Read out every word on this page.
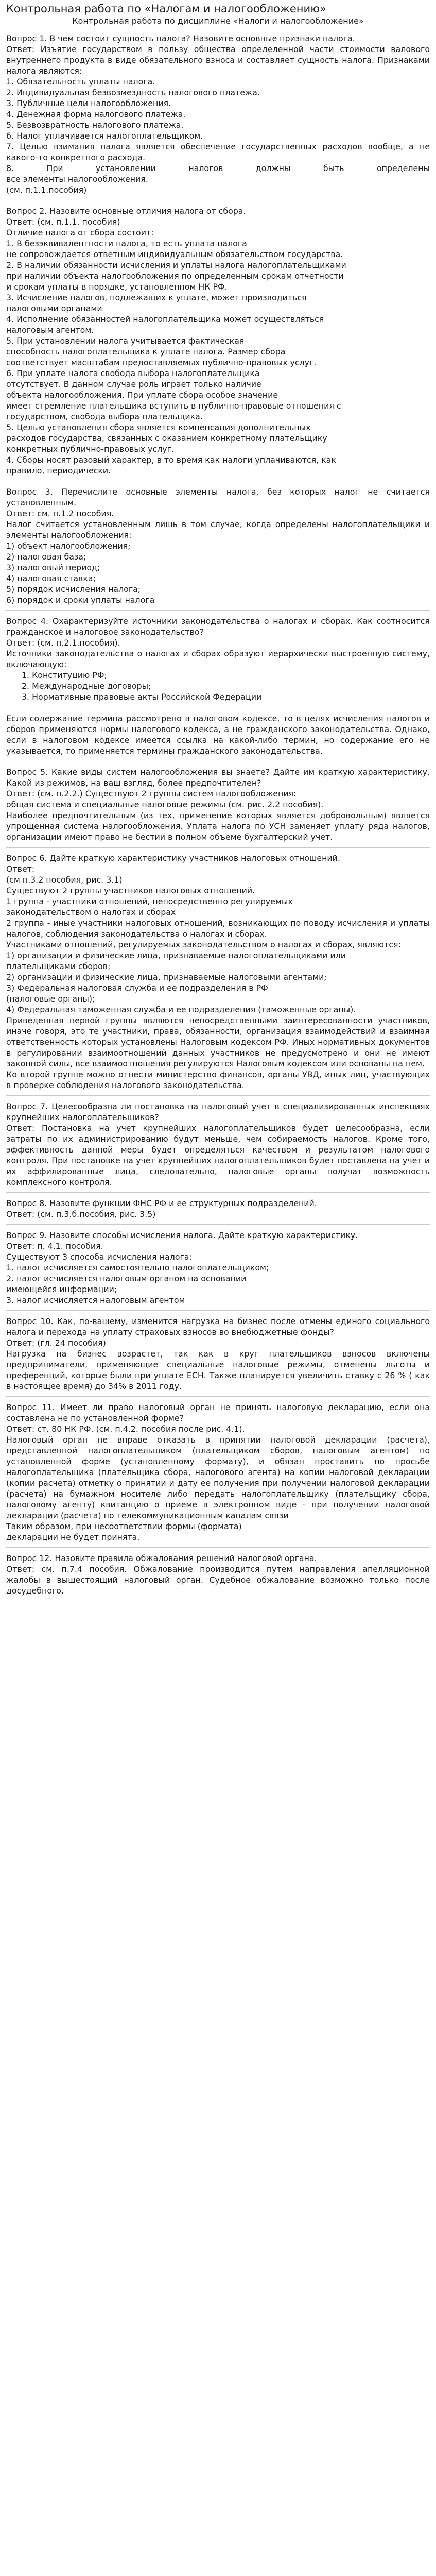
Контрольная работа по «Налогам и налогообложению»

Контрольная работа по дисциплине «Налоги и налогообложение»

Вопрос 1. В чем состоит сущность налога? Назовите основные признаки налога.

Ответ: Изъятие государством в пользу общества определенной части стоимости валового внутреннего продукта в виде обязательного взноса и составляет сущность налога. Признаками налога являются:

1. Обязательность уплаты налога.

2. Индивидуальная безвозмездность налогового платежа.

3. Публичные цели налогообложения.

4. Денежная форма налогового платежа.

5. Безвозвратность налогового платежа.

6. Налог уплачивается налогоплательщиком.

7. Целью взимания налога является обеспечение государственных расходов вообще, а не какого-то конкретного расхода.

8. При установлении налогов должны быть определены

все элементы налогообложения.

(см. п.1.1.пособия)

Вопрос 2. Назовите основные отличия налога от сбора.

Ответ: (см. п.1.1. пособия)

Отличие налога от сбора состоит:

1. В безэквивалентности налога, то есть уплата налога

не сопровождается ответным индивидуальным обязательством государства.

2. В наличии обязанности исчисления и уплаты налога налогоплательщиками

при наличии объекта налогообложения по определенным срокам отчетности

и срокам уплаты в порядке, установленном НК РФ.

3. Исчисление налогов, подлежащих к уплате, может производиться

налоговыми органами

4. Исполнение обязанностей налогоплательщика может осуществляться

налоговым агентом.

5. При установлении налога учитывается фактическая

способность налогоплательщика к уплате налога. Размер сбора

соответствует масштабам предоставляемых публично-правовых услуг.

6. При уплате налога свобода выбора налогоплательщика

отсутствует. В данном случае роль играет только наличие

объекта налогообложения. При уплате сбора особое значение

имеет стремление плательщика вступить в публично-правовые отношения с

государством, свобода выбора плательщика.

5. Целью установления сбора является компенсация дополнительных

расходов государства, связанных с оказанием конкретному плательщику

конкретных публично-правовых услуг.

4. Сборы носят разовый характер, в то время как налоги уплачиваются, как

правило, периодически.

Вопрос 3. Перечислите основные элементы налога, без которых налог не считается установленным.

Ответ: см. п.1.2 пособия.

Налог считается установленным лишь в том случае, когда определены налогоплательщики и элементы налогообложения:

1) объект налогообложения;

2) налоговая база;

3) налоговый период;

4) налоговая ставка;

5) порядок исчисления налога;

6) порядок и сроки уплаты налога

Вопрос 4. Охарактеризуйте источники законодательства о налогах и сборах. Как соотносится гражданское и налоговое законодательство?

Ответ: (см. п.2.1.пособия).

Источники законодательства о налогах и сборах образуют иерархически выстроенную систему, включающую:

1. Конституцию РФ;

2. Международные договоры;

3. Нормативные правовые акты Российской Федерации

Если содержание термина рассмотрено в налоговом кодексе, то в целях исчисления налогов и сборов применяются нормы налогового кодекса, а не гражданского законодательства. Однако, если в налоговом кодексе имеется ссылка на какой-либо термин, но содержание его не указывается, то применяется термины гражданского законодательства.

Вопрос 5. Какие виды систем налогообложения вы знаете? Дайте им краткую характеристику. Какой из режимов, на ваш взгляд, более предпочтителен?

Ответ: (см. п.2.2.) Существуют 2 группы систем налогообложения:

общая система и специальные налоговые режимы (см. рис. 2.2 пособия).

Наиболее предпочтительным (из тех, применение которых является добровольным) является упрощенная система налогообложения. Уплата налога по УСН заменяет уплату ряда налогов, организации имеют право не бестии в полном объеме бухгалтерский учет.

Вопрос 6. Дайте краткую характеристику участников налоговых отношений.

Ответ:

(см п.3.2 пособия, рис. 3.1)

Существуют 2 группы участников налоговых отношений.

1 группа - участники отношений, непосредственно регулируемых

законодательством о налогах и сборах

2 группа - иные участники налоговых отношений, возникающих по поводу исчисления и уплаты налогов, соблюдения законодательства о налогах и сборах.

Участниками отношений, регулируемых законодательством о налогах и сборах, являются:

1) организации и физические лица, признаваемые налогоплательщиками или

плательщиками сборов;

2) организации и физические лица, признаваемые налоговыми агентами;

3) Федеральная налоговая служба и ее подразделения в РФ

(налоговые органы);

4) Федеральная таможенная служба и ее подразделения (таможенные органы).

Приведенная первой группы являются непосредственными заинтересованности участников, иначе говоря, это те участники, права, обязанности, организация взаимодействий и взаимная ответственность которых установлены Налоговым кодексом РФ. Иных нормативных документов в регулировании взаимоотношений данных участников не предусмотрено и они не имеют законной силы, все взаимоотношения регулируются Налоговым кодексом или основаны на нем.

Ко второй группе можно отнести министерство финансов, органы УВД, иных лиц, участвующих в проверке соблюдения налогового законодательства.

Вопрос 7. Целесообразна ли постановка на налоговый учет в специализированных инспекциях крупнейших налогоплательщиков?

Ответ: Постановка на учет крупнейших налогоплательщиков будет целесообразна, если затраты по их администрированию будут меньше, чем собираемость налогов. Кроме того, эффективность данной меры будет определяться качеством и результатом налогового контроля. При постановке на учет крупнейших налогоплательщиков будет поставлена на учет и их аффилированные лица, следовательно, налоговые органы получат возможность комплексного контроля.

Вопрос 8. Назовите функции ФНС РФ и ее структурных подразделений.

Ответ: (см. п.3.б.пособия, рис. 3.5)

Вопрос 9. Назовите способы исчисления налога. Дайте краткую характеристику.

Ответ: п. 4.1. пособия.

Существуют 3 способа исчисления налога:

1. налог исчисляется самостоятельно налогоплательщиком;

2. налог исчисляется налоговым органом на основании

имеющейся информации;

3. налог исчисляется налоговым агентом

Вопрос 10. Как, по-вашему, изменится нагрузка на бизнес после отмены единого социального налога и перехода на уплату страховых взносов во внебюджетные фонды?

Ответ: (гл. 24 пособия)

Нагрузка на бизнес возрастет, так как в круг плательщиков взносов включены предприниматели, применяющие специальные налоговые режимы, отменены льготы и преференций, которые были при уплате ЕСН. Также планируется увеличить ставку с 26 % ( как в настоящее время) до 34% в 2011 году.

Вопрос 11. Имеет ли право налоговый орган не принять налоговую декларацию, если она составлена не по установленной форме?

Ответ: ст. 80 НК РФ. (см. п.4.2. пособия после рис. 4.1).

Налоговый орган не вправе отказать в принятии налоговой декларации (расчета), представленной налогоплательщиком (плательщиком сборов, налоговым агентом) по установленной форме (установленному формату), и обязан проставить по просьбе налогоплательщика (плательщика сбора, налогового агента) на копии налоговой декларации (копии расчета) отметку о принятии и дату ее получения при получении налоговой декларации (расчета) на бумажном носителе либо передать налогоплательщику (плательщику сбора, налоговому агенту) квитанцию о приеме в электронном виде - при получении налоговой декларации (расчета) по телекоммуникационным каналам связи

Таким образом, при несоответствии формы (формата)

декларации не будет принята.

Вопрос 12. Назовите правила обжалования решений налоговой органа.

Ответ: см. п.7.4 пособия. Обжалование производится путем направления апелляционной жалобы в вышестоящий налоговый орган. Судебное обжалование возможно только после досудебного.
